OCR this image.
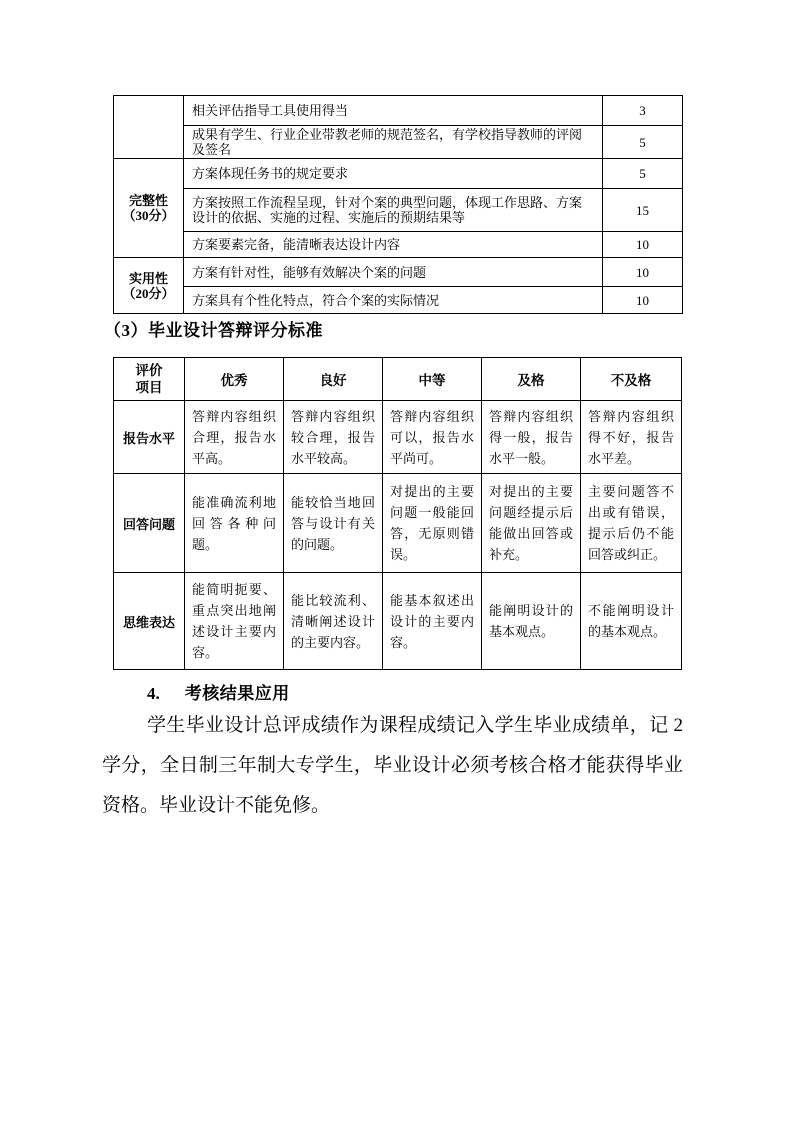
	相关评估指导工具使用得当	3
	成果有学生、行业企业带教老师的规范签名，有学校指导教师的评阅及签名	5

完整性
（30分）	方案体现任务书的规定要求	5
	方案按照工作流程呈现，针对个案的典型问题，体现工作思路、方案设计的依据、实施的过程、实施后的预期结果等	15
	方案要素完备，能清晰表达设计内容	10

实用性
（20分）	方案有针对性，能够有效解决个案的问题	10
	方案具有个性化特点，符合个案的实际情况	10
（3）毕业设计答辩评分标准
评价
项目	优秀	良好	中等	及格	不及格
报告水平	答辩内容组织合理，报告水平高。	答辩内容组织较合理，报告水平较高。	答辩内容组织可以，报告水平尚可。	答辩内容组织得一般，报告水平一般。	答辩内容组织得不好，报告水平差。
回答问题	能准确流利地回答各种问题。	能较恰当地回答与设计有关的问题。	对提出的主要问题一般能回答，无原则错误。	对提出的主要问题经提示后能做出回答或补充。	主要问题答不出或有错误，提示后仍不能回答或纠正。
思维表达	能简明扼要、重点突出地阐述设计主要内容。	能比较流利、清晰阐述设计的主要内容。	能基本叙述出设计的主要内容。	能阐明设计的基本观点。	不能阐明设计的基本观点。
4. 考核结果应用
学生毕业设计总评成绩作为课程成绩记入学生毕业成绩单，记 2
学分，全日制三年制大专学生，毕业设计必须考核合格才能获得毕业
资格。毕业设计不能免修。
